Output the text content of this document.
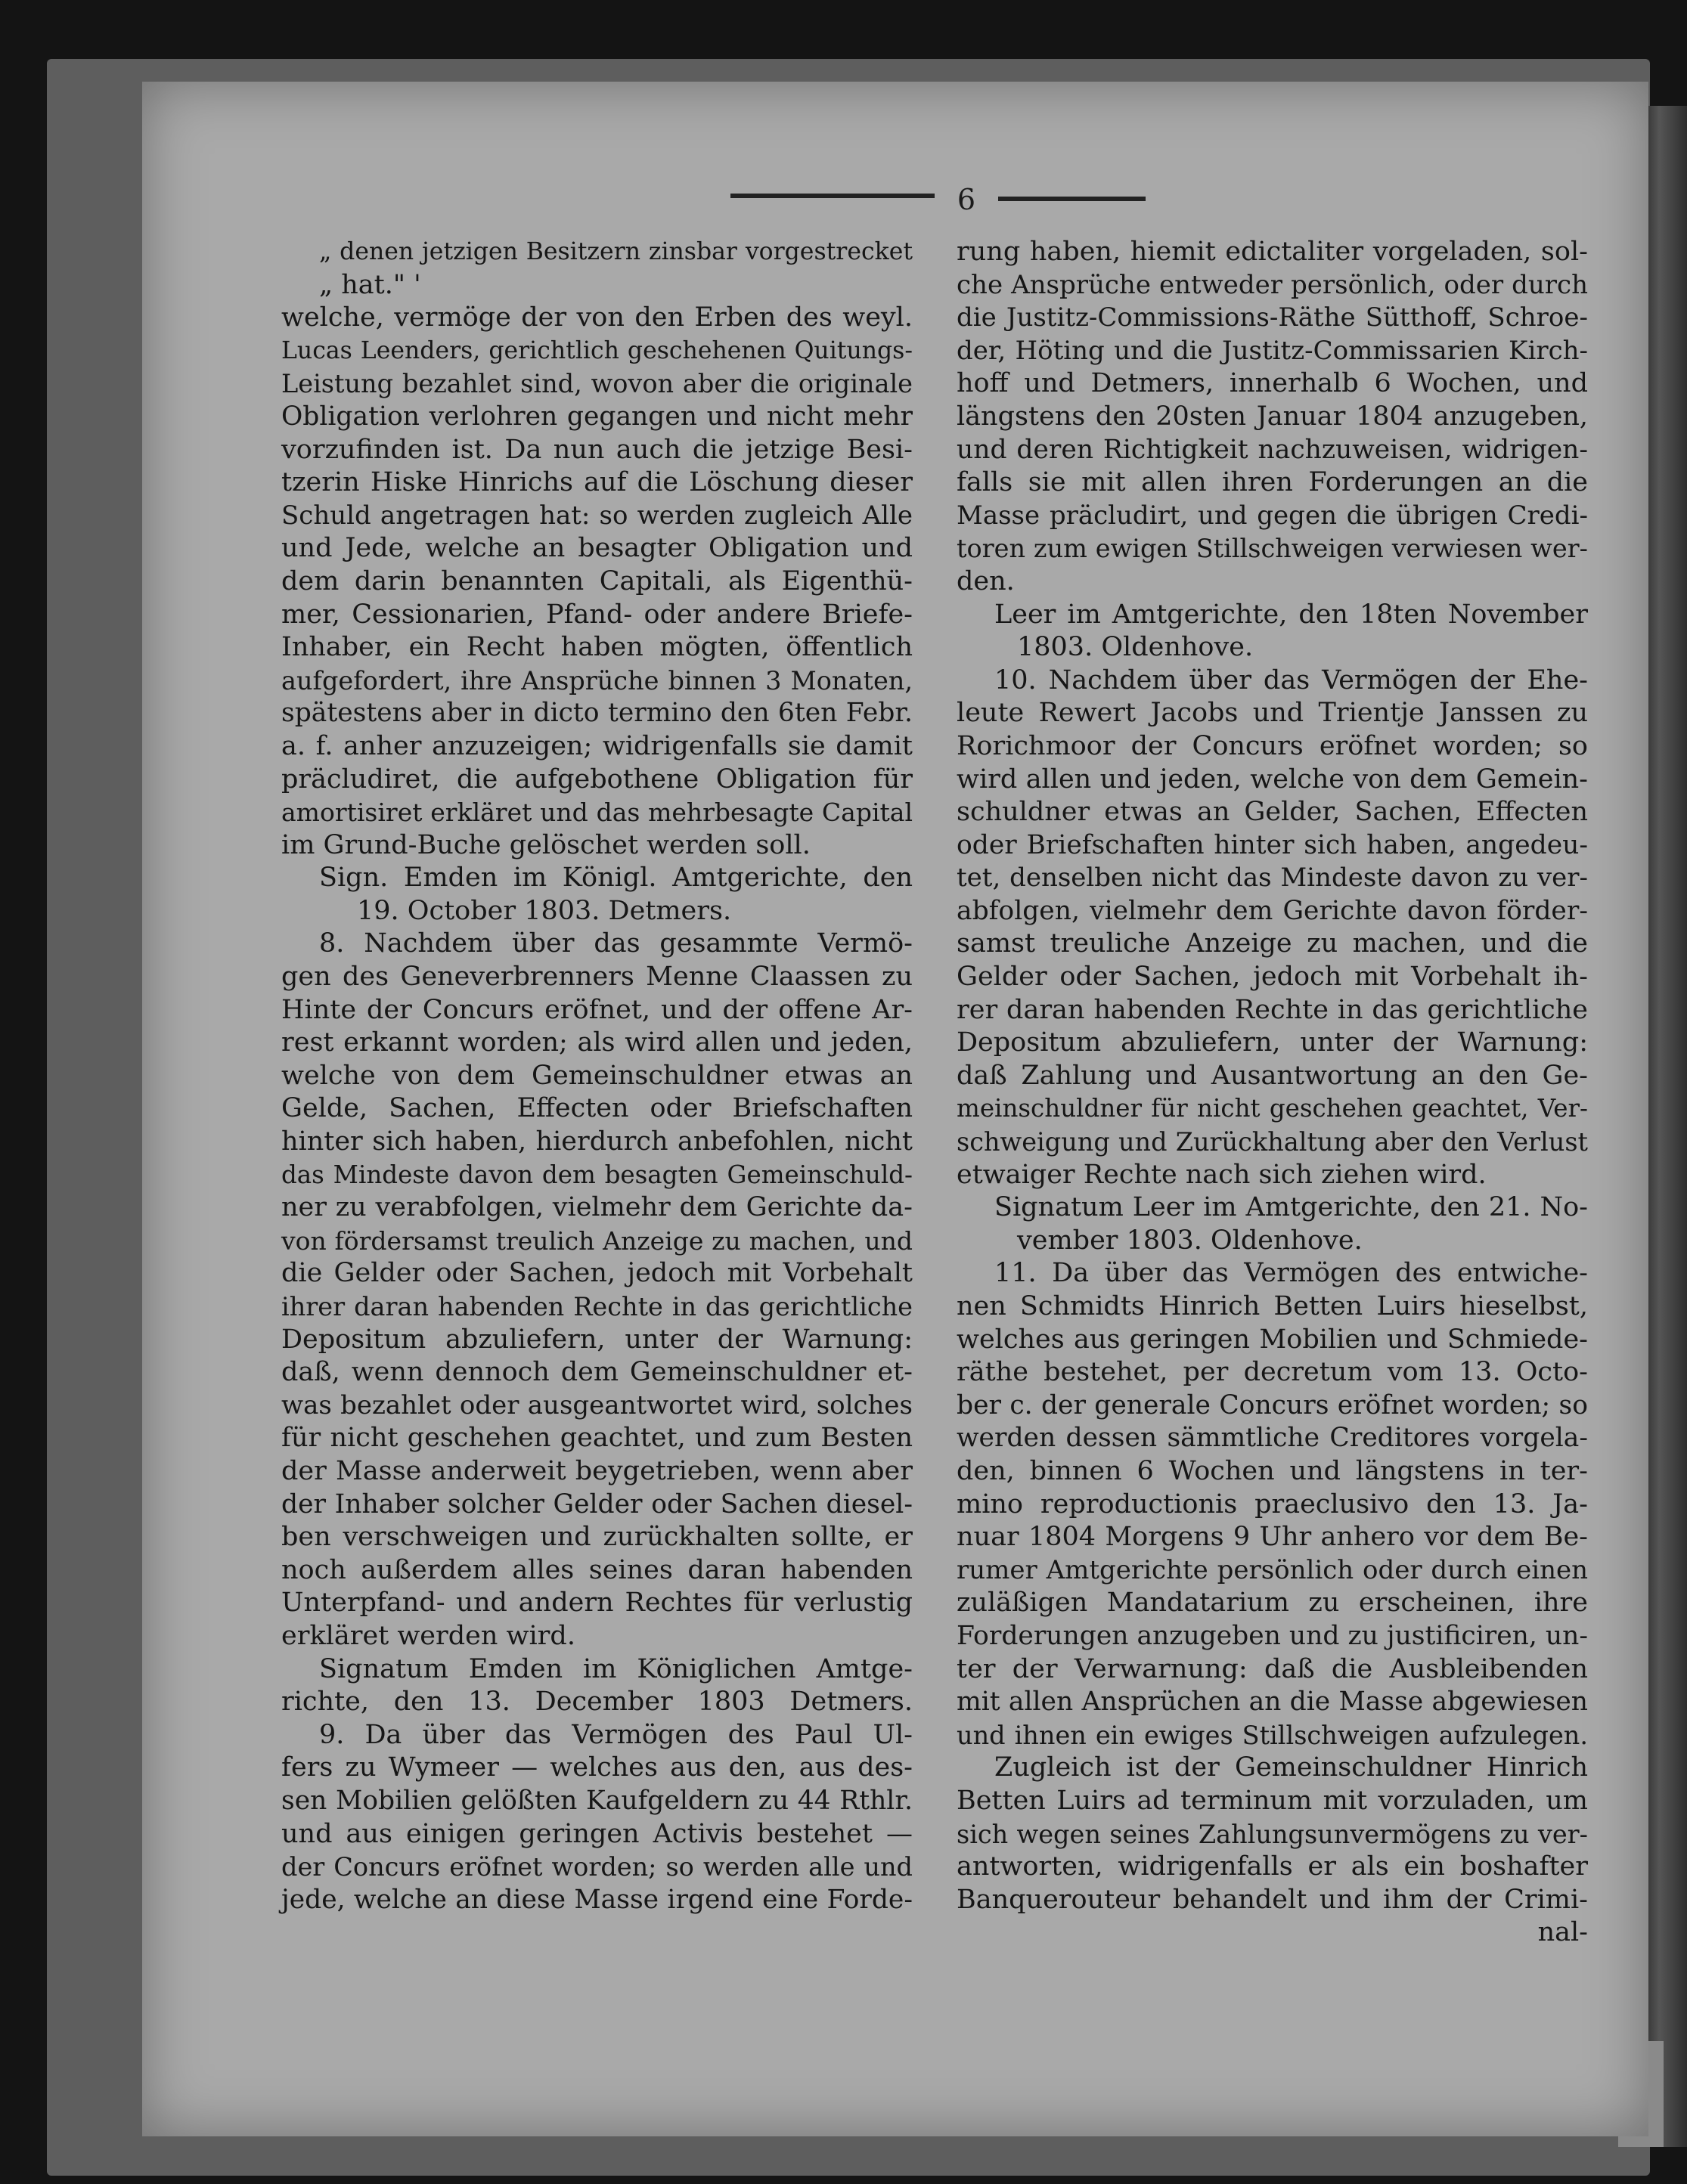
6
„ denen jetzigen Besitzern zinsbar vorgestrecket
„ hat." '
welche, vermöge der von den Erben des weyl.
Lucas Leenders, gerichtlich geschehenen Quitungs-
Leistung bezahlet sind, wovon aber die originale
Obligation verlohren gegangen und nicht mehr
vorzufinden ist. Da nun auch die jetzige Besi-
tzerin Hiske Hinrichs auf die Löschung dieser
Schuld angetragen hat: so werden zugleich Alle
und Jede, welche an besagter Obligation und
dem darin benannten Capitali, als Eigenthü-
mer, Cessionarien, Pfand- oder andere Briefe-
Inhaber, ein Recht haben mögten, öffentlich
aufgefordert, ihre Ansprüche binnen 3 Monaten,
spätestens aber in dicto termino den 6ten Febr.
a. f. anher anzuzeigen; widrigenfalls sie damit
präcludiret, die aufgebothene Obligation für
amortisiret erkläret und das mehrbesagte Capital
im Grund-Buche gelöschet werden soll.
Sign. Emden im Königl. Amtgerichte, den
19. October 1803. Detmers.
8. Nachdem über das gesammte Vermö-
gen des Geneverbrenners Menne Claassen zu
Hinte der Concurs eröfnet, und der offene Ar-
rest erkannt worden; als wird allen und jeden,
welche von dem Gemeinschuldner etwas an
Gelde, Sachen, Effecten oder Briefschaften
hinter sich haben, hierdurch anbefohlen, nicht
das Mindeste davon dem besagten Gemeinschuld-
ner zu verabfolgen, vielmehr dem Gerichte da-
von fördersamst treulich Anzeige zu machen, und
die Gelder oder Sachen, jedoch mit Vorbehalt
ihrer daran habenden Rechte in das gerichtliche
Depositum abzuliefern, unter der Warnung:
daß, wenn dennoch dem Gemeinschuldner et-
was bezahlet oder ausgeantwortet wird, solches
für nicht geschehen geachtet, und zum Besten
der Masse anderweit beygetrieben, wenn aber
der Inhaber solcher Gelder oder Sachen diesel-
ben verschweigen und zurückhalten sollte, er
noch außerdem alles seines daran habenden
Unterpfand- und andern Rechtes für verlustig
erkläret werden wird.
Signatum Emden im Königlichen Amtge-
richte, den 13. December 1803 Detmers.
9. Da über das Vermögen des Paul Ul-
fers zu Wymeer — welches aus den, aus des-
sen Mobilien gelößten Kaufgeldern zu 44 Rthlr.
und aus einigen geringen Activis bestehet —
der Concurs eröfnet worden; so werden alle und
jede, welche an diese Masse irgend eine Forde-
rung haben, hiemit edictaliter vorgeladen, sol-
che Ansprüche entweder persönlich, oder durch
die Justitz-Commissions-Räthe Sütthoff, Schroe-
der, Höting und die Justitz-Commissarien Kirch-
hoff und Detmers, innerhalb 6 Wochen, und
längstens den 20sten Januar 1804 anzugeben,
und deren Richtigkeit nachzuweisen, widrigen-
falls sie mit allen ihren Forderungen an die
Masse präcludirt, und gegen die übrigen Credi-
toren zum ewigen Stillschweigen verwiesen wer-
den.
Leer im Amtgerichte, den 18ten November
1803. Oldenhove.
10. Nachdem über das Vermögen der Ehe-
leute Rewert Jacobs und Trientje Janssen zu
Rorichmoor der Concurs eröfnet worden; so
wird allen und jeden, welche von dem Gemein-
schuldner etwas an Gelder, Sachen, Effecten
oder Briefschaften hinter sich haben, angedeu-
tet, denselben nicht das Mindeste davon zu ver-
abfolgen, vielmehr dem Gerichte davon förder-
samst treuliche Anzeige zu machen, und die
Gelder oder Sachen, jedoch mit Vorbehalt ih-
rer daran habenden Rechte in das gerichtliche
Depositum abzuliefern, unter der Warnung:
daß Zahlung und Ausantwortung an den Ge-
meinschuldner für nicht geschehen geachtet, Ver-
schweigung und Zurückhaltung aber den Verlust
etwaiger Rechte nach sich ziehen wird.
Signatum Leer im Amtgerichte, den 21. No-
vember 1803. Oldenhove.
11. Da über das Vermögen des entwiche-
nen Schmidts Hinrich Betten Luirs hieselbst,
welches aus geringen Mobilien und Schmiede-
räthe bestehet, per decretum vom 13. Octo-
ber c. der generale Concurs eröfnet worden; so
werden dessen sämmtliche Creditores vorgela-
den, binnen 6 Wochen und längstens in ter-
mino reproductionis praeclusivo den 13. Ja-
nuar 1804 Morgens 9 Uhr anhero vor dem Be-
rumer Amtgerichte persönlich oder durch einen
zuläßigen Mandatarium zu erscheinen, ihre
Forderungen anzugeben und zu justificiren, un-
ter der Verwarnung: daß die Ausbleibenden
mit allen Ansprüchen an die Masse abgewiesen
und ihnen ein ewiges Stillschweigen aufzulegen.
Zugleich ist der Gemeinschuldner Hinrich
Betten Luirs ad terminum mit vorzuladen, um
sich wegen seines Zahlungsunvermögens zu ver-
antworten, widrigenfalls er als ein boshafter
Banquerouteur behandelt und ihm der Crimi-
nal-
